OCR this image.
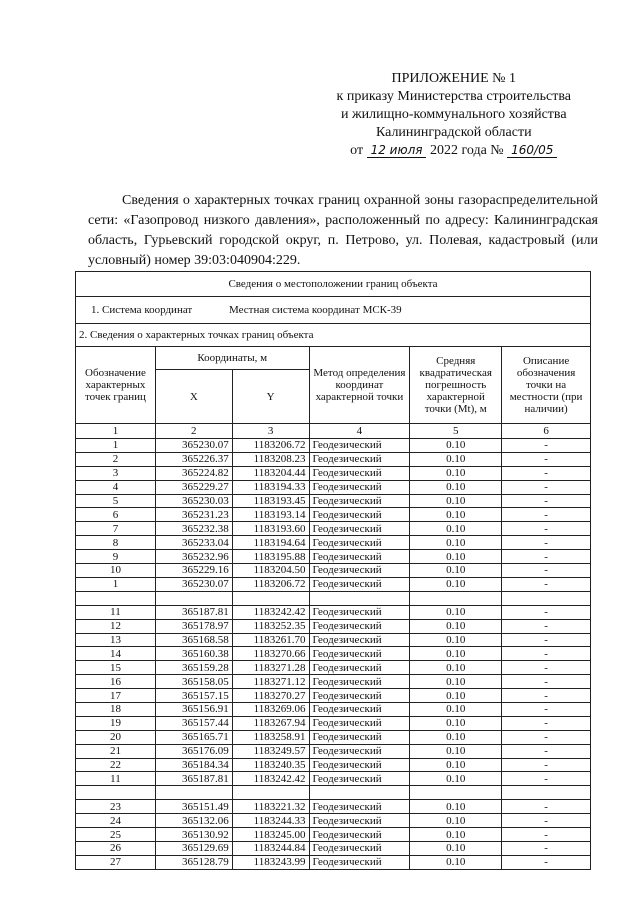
ПРИЛОЖЕНИЕ № 1
к приказу Министерства строительства
и жилищно-коммунального хозяйства
Калининградской области
от 12 июля 2022 года № 160/05

Сведения о характерных точках границ охранной зоны газораспределительной сети: «Газопровод низкого давления», расположенный по адресу: Калининградская область, Гурьевский городской округ, п. Петрово, ул. Полевая, кадастровый (или условный) номер 39:03:040904:229.

Сведения о местоположении границ объекта					
1. Система координат Местная система координат МСК-39					
2. Сведения о характерных точках границ объекта					
Обозначение характерных точек границ	Координаты, м		Метод определения координат характерной точки	Средняя квадратическая погрешность характерной точки (Mt), м	Описание обозначения точки на местности (при наличии)
	X	Y			
1	2	3	4	5	6
1	365230.07	1183206.72	Геодезический	0.10	-
2	365226.37	1183208.23	Геодезический	0.10	-
3	365224.82	1183204.44	Геодезический	0.10	-
4	365229.27	1183194.33	Геодезический	0.10	-
5	365230.03	1183193.45	Геодезический	0.10	-
6	365231.23	1183193.14	Геодезический	0.10	-
7	365232.38	1183193.60	Геодезический	0.10	-
8	365233.04	1183194.64	Геодезический	0.10	-
9	365232.96	1183195.88	Геодезический	0.10	-
10	365229.16	1183204.50	Геодезический	0.10	-
1	365230.07	1183206.72	Геодезический	0.10	-

11	365187.81	1183242.42	Геодезический	0.10	-
12	365178.97	1183252.35	Геодезический	0.10	-
13	365168.58	1183261.70	Геодезический	0.10	-
14	365160.38	1183270.66	Геодезический	0.10	-
15	365159.28	1183271.28	Геодезический	0.10	-
16	365158.05	1183271.12	Геодезический	0.10	-
17	365157.15	1183270.27	Геодезический	0.10	-
18	365156.91	1183269.06	Геодезический	0.10	-
19	365157.44	1183267.94	Геодезический	0.10	-
20	365165.71	1183258.91	Геодезический	0.10	-
21	365176.09	1183249.57	Геодезический	0.10	-
22	365184.34	1183240.35	Геодезический	0.10	-
11	365187.81	1183242.42	Геодезический	0.10	-

23	365151.49	1183221.32	Геодезический	0.10	-
24	365132.06	1183244.33	Геодезический	0.10	-
25	365130.92	1183245.00	Геодезический	0.10	-
26	365129.69	1183244.84	Геодезический	0.10	-
27	365128.79	1183243.99	Геодезический	0.10	-
